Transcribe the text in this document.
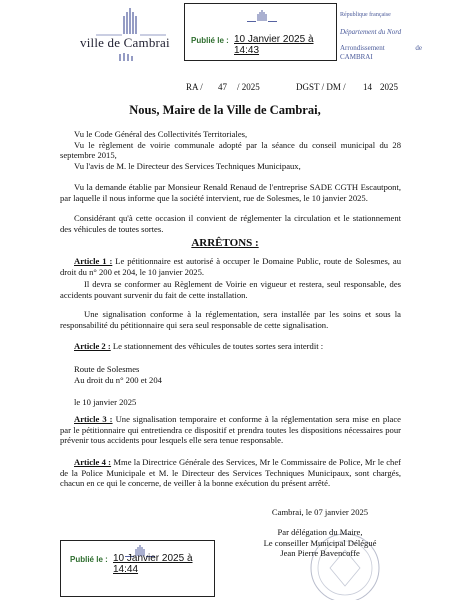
ville de Cambrai	Publié le : 10 Janvier 2025 à 14:43
République française
Département du Nord
Arrondissement de CAMBRAI
RA / 47 / 2025	DGST / DM / 14 2025
Nous, Maire de la Ville de Cambrai,
Vu le Code Général des Collectivités Territoriales,
Vu le règlement de voirie communale adopté par la séance du conseil municipal du 28 septembre 2015,
Vu l'avis de M. le Directeur des Services Techniques Municipaux,
Vu la demande établie par Monsieur Renald Renaud de l'entreprise SADE CGTH Escautpont, par laquelle il nous informe que la société intervient, rue de Solesmes, le 10 janvier 2025.
Considérant qu'à cette occasion il convient de réglementer la circulation et le stationnement des véhicules de toutes sortes.
ARRÊTONS :
Article 1 : Le pétitionnaire est autorisé à occuper le Domaine Public, route de Solesmes, au droit du n° 200 et 204, le 10 janvier 2025.
Il devra se conformer au Règlement de Voirie en vigueur et restera, seul responsable, des accidents pouvant survenir du fait de cette installation.
Une signalisation conforme à la réglementation, sera installée par les soins et sous la responsabilité du pétitionnaire qui sera seul responsable de cette signalisation.
Article 2 : Le stationnement des véhicules de toutes sortes sera interdit :
Route de Solesmes
Au droit du n° 200 et 204
le 10 janvier 2025
Article 3 : Une signalisation temporaire et conforme à la réglementation sera mise en place par le pétitionnaire qui entretiendra ce dispositif et prendra toutes les dispositions nécessaires pour prévenir tous accidents pour lesquels elle sera tenue responsable.
Article 4 : Mme la Directrice Générale des Services, Mr le Commissaire de Police, Mr le chef de la Police Municipale et M. le Directeur des Services Techniques Municipaux, sont chargés, chacun en ce qui le concerne, de veiller à la bonne exécution du présent arrêté.
Cambrai, le 07 janvier 2025
Par délégation du Maire,
Le conseiller Municipal Délégué
Jean Pierre Bavencoffe
Publié le : 10 Janvier 2025 à 14:44
